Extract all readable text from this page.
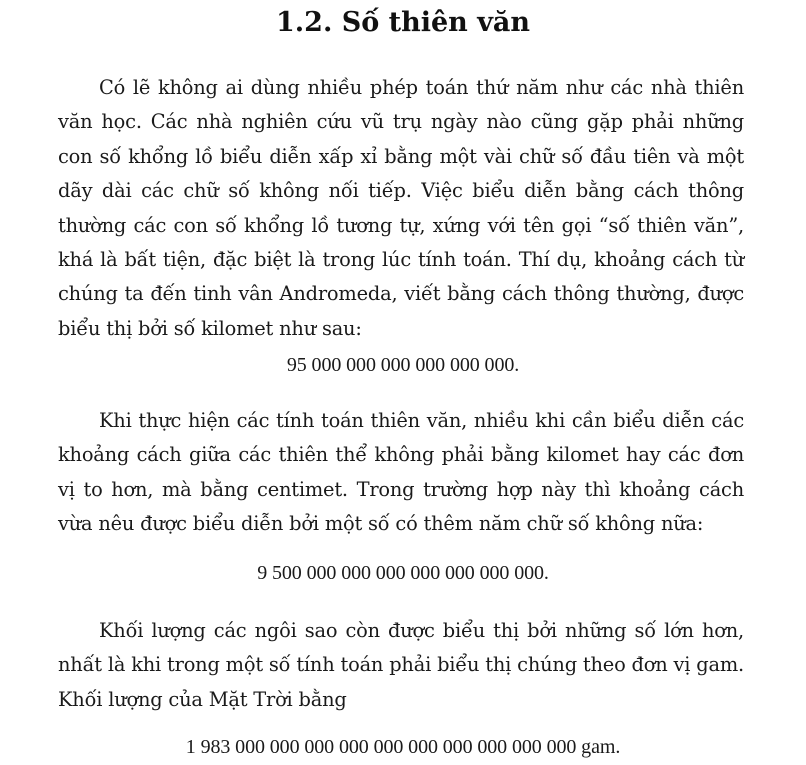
1.2. Số thiên văn

Có lẽ không ai dùng nhiều phép toán thứ năm như các nhà thiên văn học. Các nhà nghiên cứu vũ trụ ngày nào cũng gặp phải những con số khổng lồ biểu diễn xấp xỉ bằng một vài chữ số đầu tiên và một dãy dài các chữ số không nối tiếp. Việc biểu diễn bằng cách thông thường các con số khổng lồ tương tự, xứng với tên gọi “số thiên văn”, khá là bất tiện, đặc biệt là trong lúc tính toán. Thí dụ, khoảng cách từ chúng ta đến tinh vân Andromeda, viết bằng cách thông thường, được biểu thị bởi số kilomet như sau:

95 000 000 000 000 000 000.

Khi thực hiện các tính toán thiên văn, nhiều khi cần biểu diễn các khoảng cách giữa các thiên thể không phải bằng kilomet hay các đơn vị to hơn, mà bằng centimet. Trong trường hợp này thì khoảng cách vừa nêu được biểu diễn bởi một số có thêm năm chữ số không nữa:

9 500 000 000 000 000 000 000 000.

Khối lượng các ngôi sao còn được biểu thị bởi những số lớn hơn, nhất là khi trong một số tính toán phải biểu thị chúng theo đơn vị gam. Khối lượng của Mặt Trời bằng

1 983 000 000 000 000 000 000 000 000 000 000 gam.
